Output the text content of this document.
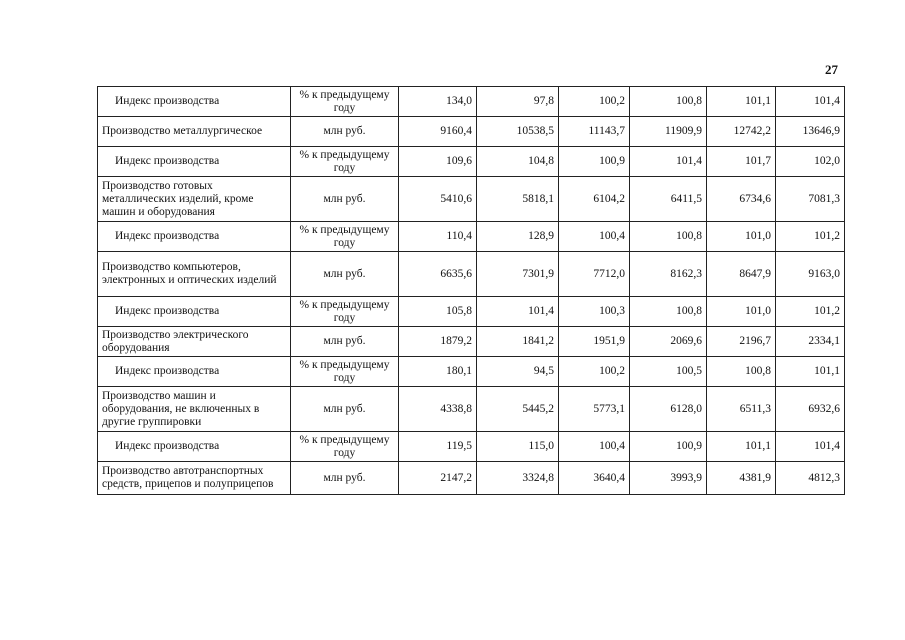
27
Индекс производства	% к предыдущему году	134,0	97,8	100,2	100,8	101,1	101,4
Производство металлургическое	млн руб.	9160,4	10538,5	11143,7	11909,9	12742,2	13646,9
Индекс производства	% к предыдущему году	109,6	104,8	100,9	101,4	101,7	102,0
Производство готовых металлических изделий, кроме машин и оборудования	млн руб.	5410,6	5818,1	6104,2	6411,5	6734,6	7081,3
Индекс производства	% к предыдущему году	110,4	128,9	100,4	100,8	101,0	101,2
Производство компьютеров, электронных и оптических изделий	млн руб.	6635,6	7301,9	7712,0	8162,3	8647,9	9163,0
Индекс производства	% к предыдущему году	105,8	101,4	100,3	100,8	101,0	101,2
Производство электрического оборудования	млн руб.	1879,2	1841,2	1951,9	2069,6	2196,7	2334,1
Индекс производства	% к предыдущему году	180,1	94,5	100,2	100,5	100,8	101,1
Производство машин и оборудования, не включенных в другие группировки	млн руб.	4338,8	5445,2	5773,1	6128,0	6511,3	6932,6
Индекс производства	% к предыдущему году	119,5	115,0	100,4	100,9	101,1	101,4
Производство автотранспортных средств, прицепов и полуприцепов	млн руб.	2147,2	3324,8	3640,4	3993,9	4381,9	4812,3
